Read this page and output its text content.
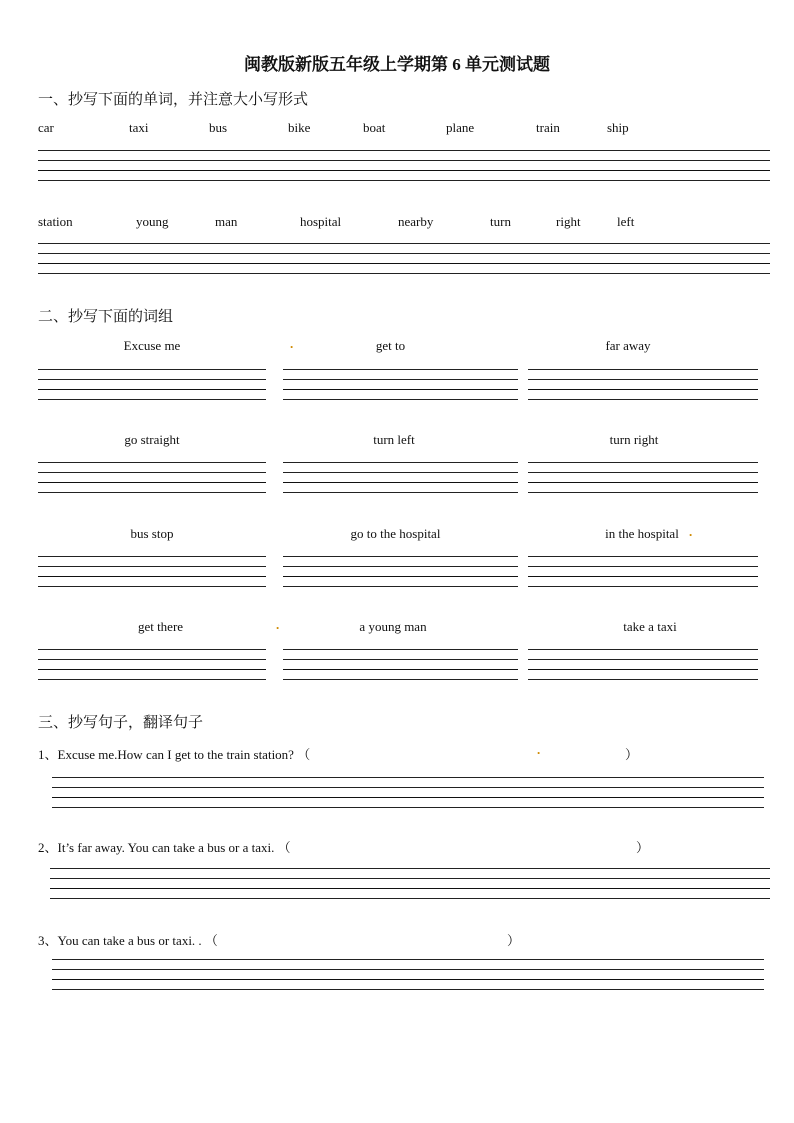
闽教版新版五年级上学期第 6 单元测试题
一、抄写下面的单词，并注意大小写形式
car	taxi	bus	bike	boat	plane	train	ship
station	young	man	hospital	nearby	turn	right	left
二、抄写下面的词组
Excuse me	.	get to	far away
go straight	turn left	turn right
bus stop	go to the hospital	in the hospital .
get there	.	a young man	take a taxi
三、抄写句子，翻译句子
1、Excuse me.How can I get to the train station? （	.	）
2、It’s far away. You can take a bus or a taxi. （	）
3、You can take a bus or taxi. . （	）
